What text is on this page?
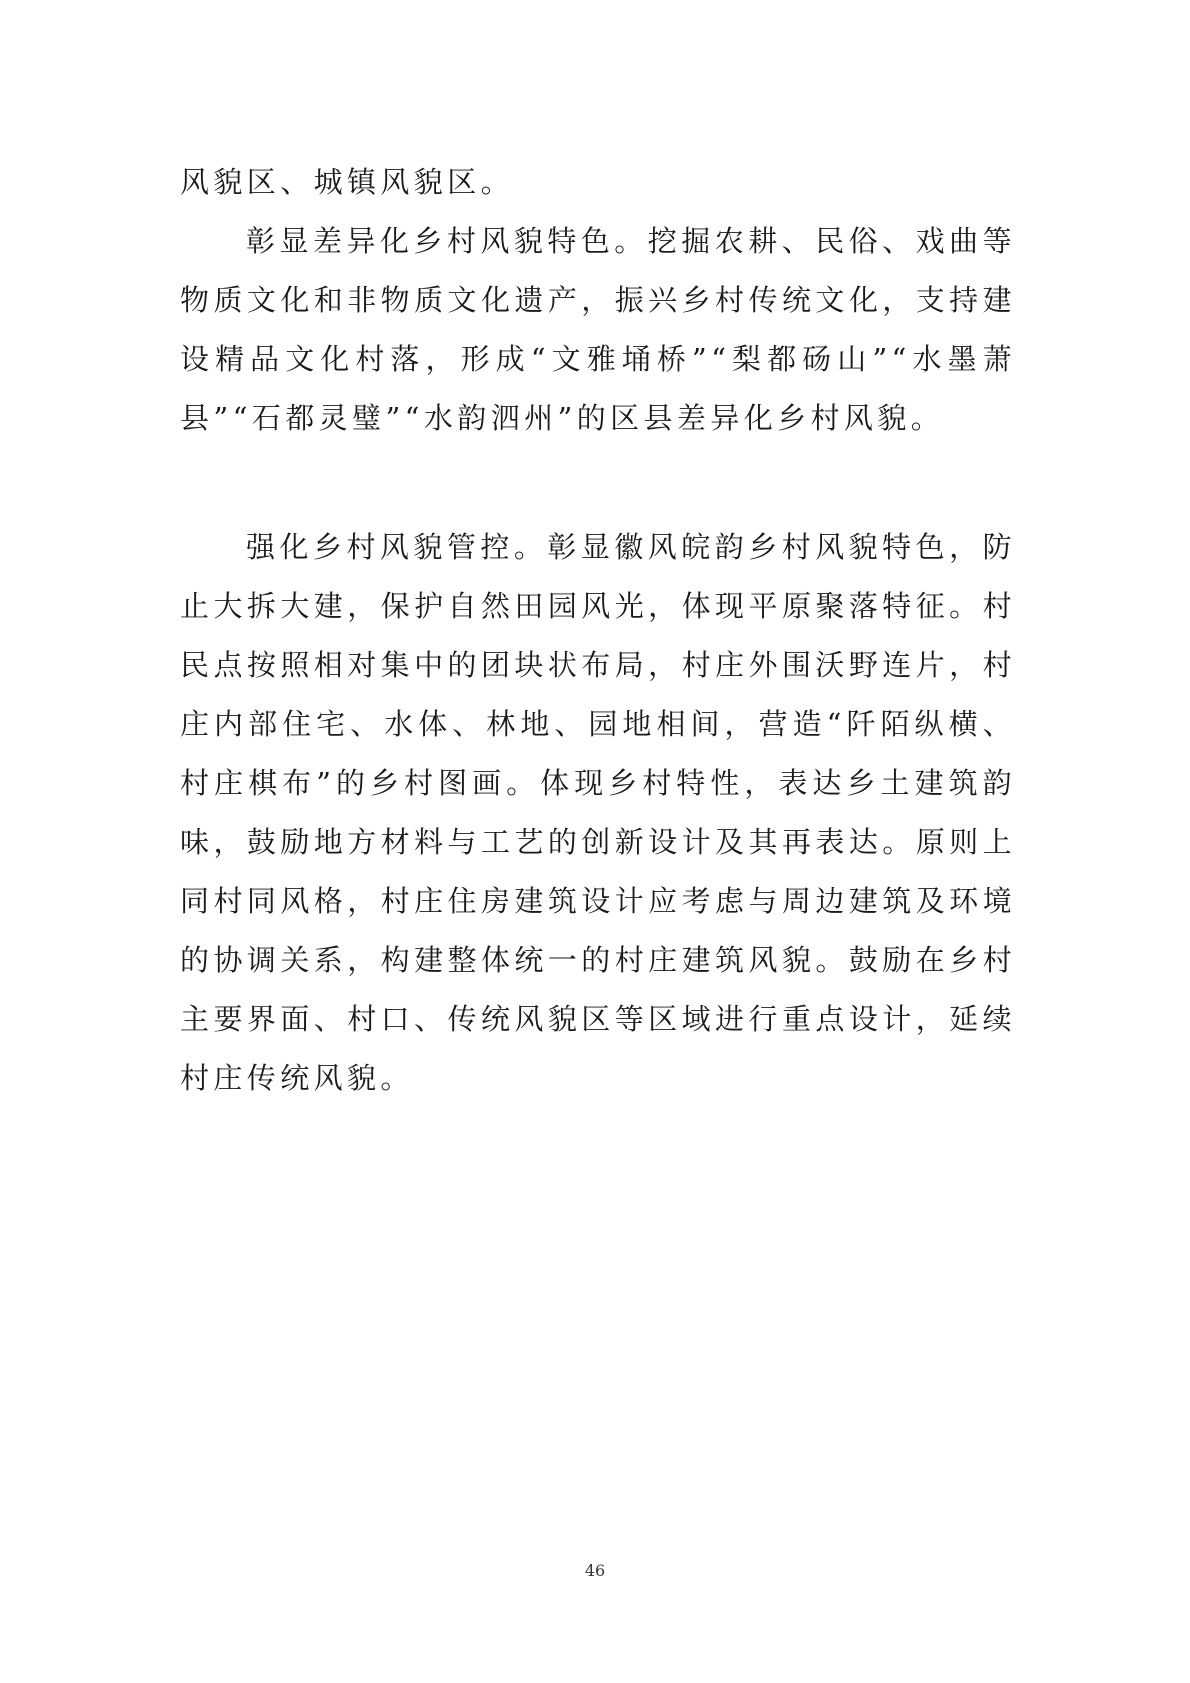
风貌区、城镇风貌区。

彰显差异化乡村风貌特色。挖掘农耕、民俗、戏曲等物质文化和非物质文化遗产，振兴乡村传统文化，支持建设精品文化村落，形成“文雅埇桥”“梨都砀山”“水墨萧县”“石都灵璧”“水韵泗州”的区县差异化乡村风貌。

强化乡村风貌管控。彰显徽风皖韵乡村风貌特色，防止大拆大建，保护自然田园风光，体现平原聚落特征。村民点按照相对集中的团块状布局，村庄外围沃野连片，村庄内部住宅、水体、林地、园地相间，营造“阡陌纵横、村庄棋布”的乡村图画。体现乡村特性，表达乡土建筑韵味，鼓励地方材料与工艺的创新设计及其再表达。原则上同村同风格，村庄住房建筑设计应考虑与周边建筑及环境的协调关系，构建整体统一的村庄建筑风貌。鼓励在乡村主要界面、村口、传统风貌区等区域进行重点设计，延续村庄传统风貌。

46
